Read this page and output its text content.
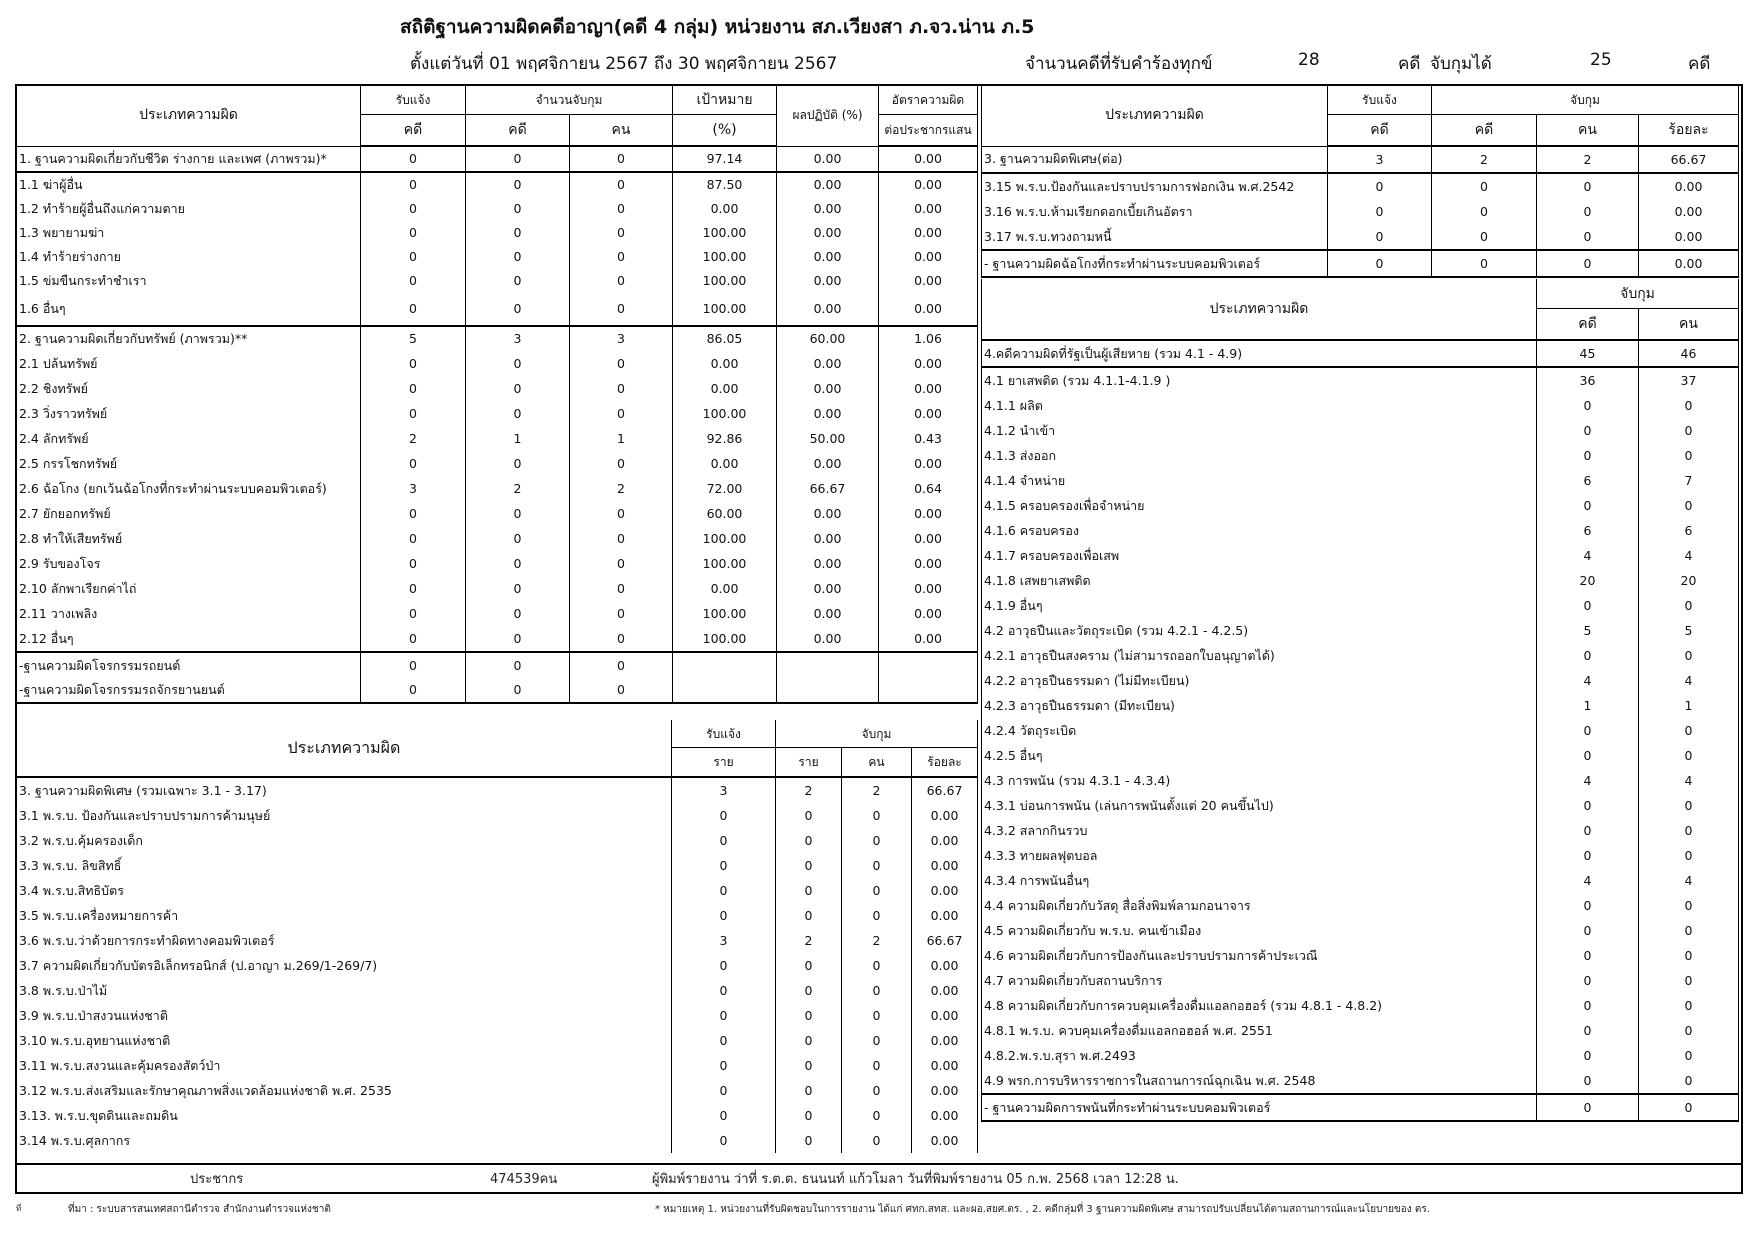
สถิติฐานความผิดคดีอาญา(คดี 4 กลุ่ม) หน่วยงาน สภ.เวียงสา ภ.จว.น่าน ภ.5
ตั้งแต่วันที่ 01 พฤศจิกายน 2567 ถึง 30 พฤศจิกายน 2567	จำนวนคดีที่รับคำร้องทุกข์	28	คดี จับกุมได้	25	คดี
ประเภทความผิด	รับแจ้ง	จำนวนจับกุม		เป้าหมาย	ผลปฏิบัติ (%)	อัตราความผิด
	คดี	คดี	คน	(%)		ต่อประชากรแสน
1. ฐานความผิดเกี่ยวกับชีวิต ร่างกาย และเพศ (ภาพรวม)*	0	0	0	97.14	0.00	0.00
1.1 ฆ่าผู้อื่น	0	0	0	87.50	0.00	0.00
1.2 ทำร้ายผู้อื่นถึงแก่ความตาย	0	0	0	0.00	0.00	0.00
1.3 พยายามฆ่า	0	0	0	100.00	0.00	0.00
1.4 ทำร้ายร่างกาย	0	0	0	100.00	0.00	0.00
1.5 ข่มขืนกระทำชำเรา	0	0	0	100.00	0.00	0.00
1.6 อื่นๆ	0	0	0	100.00	0.00	0.00
2. ฐานความผิดเกี่ยวกับทรัพย์ (ภาพรวม)**	5	3	3	86.05	60.00	1.06
2.1 ปล้นทรัพย์	0	0	0	0.00	0.00	0.00
2.2 ชิงทรัพย์	0	0	0	0.00	0.00	0.00
2.3 วิ่งราวทรัพย์	0	0	0	100.00	0.00	0.00
2.4 ลักทรัพย์	2	1	1	92.86	50.00	0.43
2.5 กรรโชกทรัพย์	0	0	0	0.00	0.00	0.00
2.6 ฉ้อโกง (ยกเว้นฉ้อโกงที่กระทำผ่านระบบคอมพิวเตอร์)	3	2	2	72.00	66.67	0.64
2.7 ยักยอกทรัพย์	0	0	0	60.00	0.00	0.00
2.8 ทำให้เสียทรัพย์	0	0	0	100.00	0.00	0.00
2.9 รับของโจร	0	0	0	100.00	0.00	0.00
2.10 ลักพาเรียกค่าไถ่	0	0	0	0.00	0.00	0.00
2.11 วางเพลิง	0	0	0	100.00	0.00	0.00
2.12 อื่นๆ	0	0	0	100.00	0.00	0.00
-ฐานความผิดโจรกรรมรถยนต์	0	0	0			
-ฐานความผิดโจรกรรมรถจักรยานยนต์	0	0	0			
ประเภทความผิด	รับแจ้ง	จับกุม		
	ราย	ราย	คน	ร้อยละ
3. ฐานความผิดพิเศษ (รวมเฉพาะ 3.1 - 3.17)	3	2	2	66.67
3.1 พ.ร.บ. ป้องกันและปราบปรามการค้ามนุษย์	0	0	0	0.00
3.2 พ.ร.บ.คุ้มครองเด็ก	0	0	0	0.00
3.3 พ.ร.บ. ลิขสิทธิ์	0	0	0	0.00
3.4 พ.ร.บ.สิทธิบัตร	0	0	0	0.00
3.5 พ.ร.บ.เครื่องหมายการค้า	0	0	0	0.00
3.6 พ.ร.บ.ว่าด้วยการกระทำผิดทางคอมพิวเตอร์	3	2	2	66.67
3.7 ความผิดเกี่ยวกับบัตรอิเล็กทรอนิกส์ (ป.อาญา ม.269/1-269/7)	0	0	0	0.00
3.8 พ.ร.บ.ป่าไม้	0	0	0	0.00
3.9 พ.ร.บ.ป่าสงวนแห่งชาติ	0	0	0	0.00
3.10 พ.ร.บ.อุทยานแห่งชาติ	0	0	0	0.00
3.11 พ.ร.บ.สงวนและคุ้มครองสัตว์ป่า	0	0	0	0.00
3.12 พ.ร.บ.ส่งเสริมและรักษาคุณภาพสิ่งแวดล้อมแห่งชาติ พ.ศ. 2535	0	0	0	0.00
3.13. พ.ร.บ.ขุดดินและถมดิน	0	0	0	0.00
3.14 พ.ร.บ.ศุลกากร	0	0	0	0.00
ประเภทความผิด	รับแจ้ง	จับกุม		
	คดี	คดี	คน	ร้อยละ
3. ฐานความผิดพิเศษ(ต่อ)	3	2	2	66.67
3.15 พ.ร.บ.ป้องกันและปราบปรามการฟอกเงิน พ.ศ.2542	0	0	0	0.00
3.16 พ.ร.บ.ห้ามเรียกดอกเบี้ยเกินอัตรา	0	0	0	0.00
3.17 พ.ร.บ.ทวงถามหนี้	0	0	0	0.00
- ฐานความผิดฉ้อโกงที่กระทำผ่านระบบคอมพิวเตอร์	0	0	0	0.00
ประเภทความผิด	จับกุม	
	คดี	คน
4.คดีความผิดที่รัฐเป็นผู้เสียหาย (รวม 4.1 - 4.9)	45	46
4.1 ยาเสพติด (รวม 4.1.1-4.1.9 )	36	37
4.1.1 ผลิต	0	0
4.1.2 นำเข้า	0	0
4.1.3 ส่งออก	0	0
4.1.4 จำหน่าย	6	7
4.1.5 ครอบครองเพื่อจำหน่าย	0	0
4.1.6 ครอบครอง	6	6
4.1.7 ครอบครองเพื่อเสพ	4	4
4.1.8 เสพยาเสพติด	20	20
4.1.9 อื่นๆ	0	0
4.2 อาวุธปืนและวัตถุระเบิด (รวม 4.2.1 - 4.2.5)	5	5
4.2.1 อาวุธปืนสงคราม (ไม่สามารถออกใบอนุญาตได้)	0	0
4.2.2 อาวุธปืนธรรมดา (ไม่มีทะเบียน)	4	4
4.2.3 อาวุธปืนธรรมดา (มีทะเบียน)	1	1
4.2.4 วัตถุระเบิด	0	0
4.2.5 อื่นๆ	0	0
4.3 การพนัน (รวม 4.3.1 - 4.3.4)	4	4
4.3.1 บ่อนการพนัน (เล่นการพนันตั้งแต่ 20 คนขึ้นไป)	0	0
4.3.2 สลากกินรวบ	0	0
4.3.3 ทายผลฟุตบอล	0	0
4.3.4 การพนันอื่นๆ	4	4
4.4 ความผิดเกี่ยวกับวัสดุ สื่อสิ่งพิมพ์ลามกอนาจาร	0	0
4.5 ความผิดเกี่ยวกับ พ.ร.บ. คนเข้าเมือง	0	0
4.6 ความผิดเกี่ยวกับการป้องกันและปราบปรามการค้าประเวณี	0	0
4.7 ความผิดเกี่ยวกับสถานบริการ	0	0
4.8 ความผิดเกี่ยวกับการควบคุมเครื่องดื่มแอลกอฮอร์ (รวม 4.8.1 - 4.8.2)	0	0
4.8.1 พ.ร.บ. ควบคุมเครื่องดื่มแอลกอฮอล์ พ.ศ. 2551	0	0
4.8.2.พ.ร.บ.สุรา พ.ศ.2493	0	0
4.9 พรก.การบริหารราชการในสถานการณ์ฉุกเฉิน พ.ศ. 2548	0	0
- ฐานความผิดการพนันที่กระทำผ่านระบบคอมพิวเตอร์	0	0
ประชากร	474539คน	ผู้พิมพ์รายงาน ว่าที่ ร.ต.ต. ธนนนท์ แก้วโมลา วันที่พิมพ์รายงาน 05 ก.พ. 2568 เวลา 12:28 น.
ที่	ที่มา : ระบบสารสนเทศสถานีตำรวจ สำนักงานตำรวจแห่งชาติ	* หมายเหตุ 1. หน่วยงานที่รับผิดชอบในการรายงาน ได้แก่ ศทก.สทส. และผอ.สยศ.ตร. , 2. คดีกลุ่มที่ 3 ฐานความผิดพิเศษ สามารถปรับเปลี่ยนได้ตามสถานการณ์และนโยบายของ ตร.
